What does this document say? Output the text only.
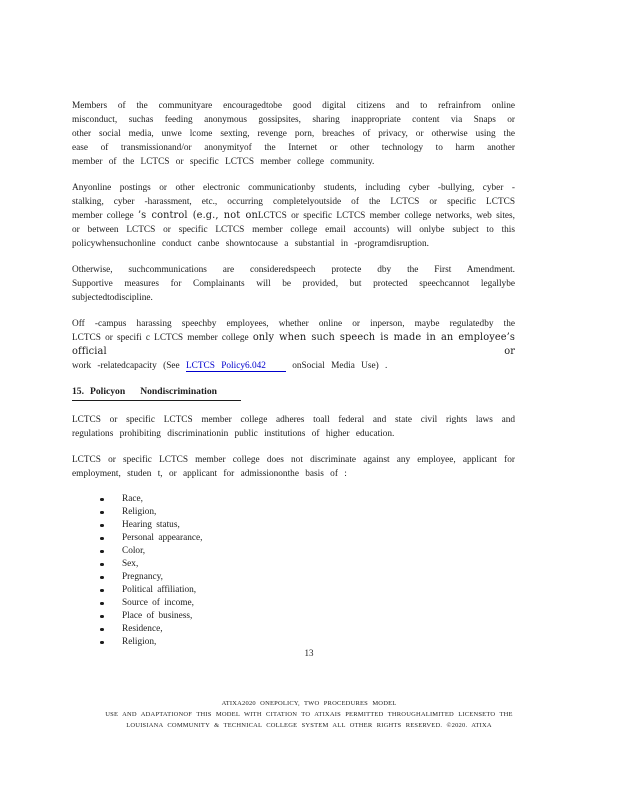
Members of the communityare encouragedtobe good digital citizens and to refrainfrom online
misconduct, suchas feeding anonymous gossipsites, sharing inappropriate content via Snaps or
other social media, unwe lcome sexting, revenge porn, breaches of privacy, or otherwise using the
ease of transmissionand/or anonymityof the Internet or other technology to harm another
member of the LCTCS or specific LCTCS member college community.
Anyonline postings or other electronic communicationby students, including cyber -bullying, cyber -
stalking, cyber -harassment, etc., occurring completelyoutside of the LCTCS or specific LCTCS
member college ’s control (e.g., not onLCTCS or specific LCTCS member college networks, web sites,
or between LCTCS or specific LCTCS member college email accounts) will onlybe subject to this
policywhensuchonline conduct canbe showntocause a substantial in -programdisruption.
Otherwise, suchcommunications are consideredspeech protecte dby the First Amendment.
Supportive measures for Complainants will be provided, but protected speechcannot legallybe
subjectedtodiscipline.
Off -campus harassing speechby employees, whether online or inperson, maybe regulatedby the
LCTCS or specifi c LCTCS member college only when such speech is made in an employee’s official or
work -relatedcapacity (See LCTCS Policy6.042 onSocial Media Use) .
15. Policyon Nondiscrimination
LCTCS or specific LCTCS member college adheres toall federal and state civil rights laws and
regulations prohibiting discriminationin public institutions of higher education.
LCTCS or specific LCTCS member college does not discriminate against any employee, applicant for
employment, studen t, or applicant for admissiononthe basis of :
Race,
Religion,
Hearing status,
Personal appearance,
Color,
Sex,
Pregnancy,
Political affiliation,
Source of income,
Place of business,
Residence,
Religion,
13
ATIXA2020 ONEPOLICY, TWO PROCEDURES MODEL
USE AND ADAPTATIONOF THIS MODEL WITH CITATION TO ATIXAIS PERMITTED THROUGHALIMITED LICENSETO THE
LOUISIANA COMMUNITY & TECHNICAL COLLEGE SYSTEM ALL OTHER RIGHTS RESERVED. ©2020. ATIXA
